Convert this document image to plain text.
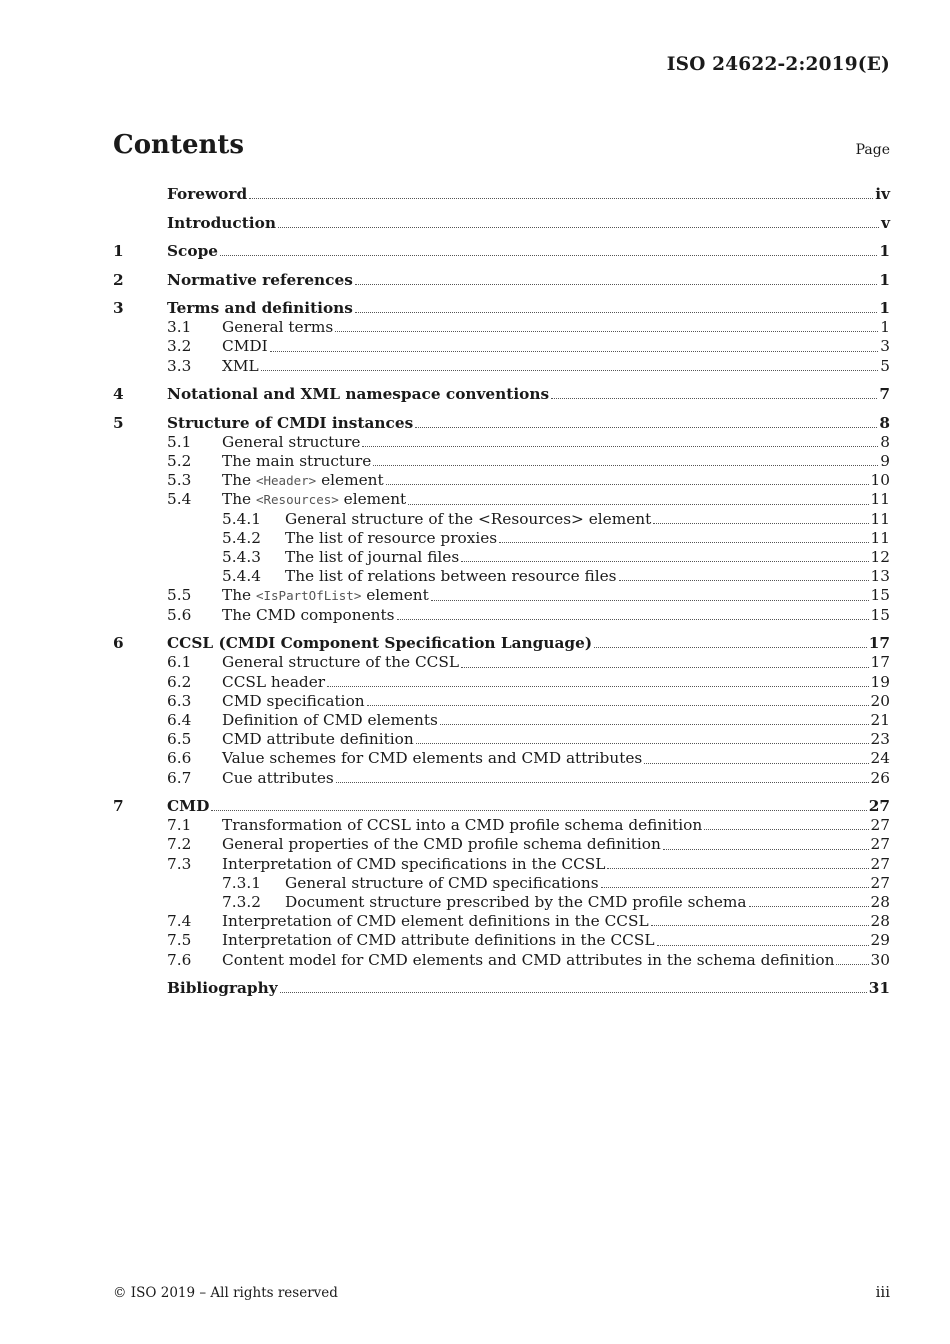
ISO 24622-2:2019(E)
Contents	Page
Foreword	iv
Introduction	v
1	Scope	1
2	Normative references	1
3	Terms and definitions	1
3.1	General terms	1
3.2	CMDI	3
3.3	XML	5
4	Notational and XML namespace conventions	7
5	Structure of CMDI instances	8
5.1	General structure	8
5.2	The main structure	9
5.3	The <Header> element	10
5.4	The <Resources> element	11
5.4.1	General structure of the <Resources> element	11
5.4.2	The list of resource proxies	11
5.4.3	The list of journal files	12
5.4.4	The list of relations between resource files	13
5.5	The <IsPartOfList> element	15
5.6	The CMD components	15
6	CCSL (CMDI Component Specification Language)	17
6.1	General structure of the CCSL	17
6.2	CCSL header	19
6.3	CMD specification	20
6.4	Definition of CMD elements	21
6.5	CMD attribute definition	23
6.6	Value schemes for CMD elements and CMD attributes	24
6.7	Cue attributes	26
7	CMD	27
7.1	Transformation of CCSL into a CMD profile schema definition	27
7.2	General properties of the CMD profile schema definition	27
7.3	Interpretation of CMD specifications in the CCSL	27
7.3.1	General structure of CMD specifications	27
7.3.2	Document structure prescribed by the CMD profile schema	28
7.4	Interpretation of CMD element definitions in the CCSL	28
7.5	Interpretation of CMD attribute definitions in the CCSL	29
7.6	Content model for CMD elements and CMD attributes in the schema definition 30
Bibliography	31
© ISO 2019 – All rights reserved	iii
